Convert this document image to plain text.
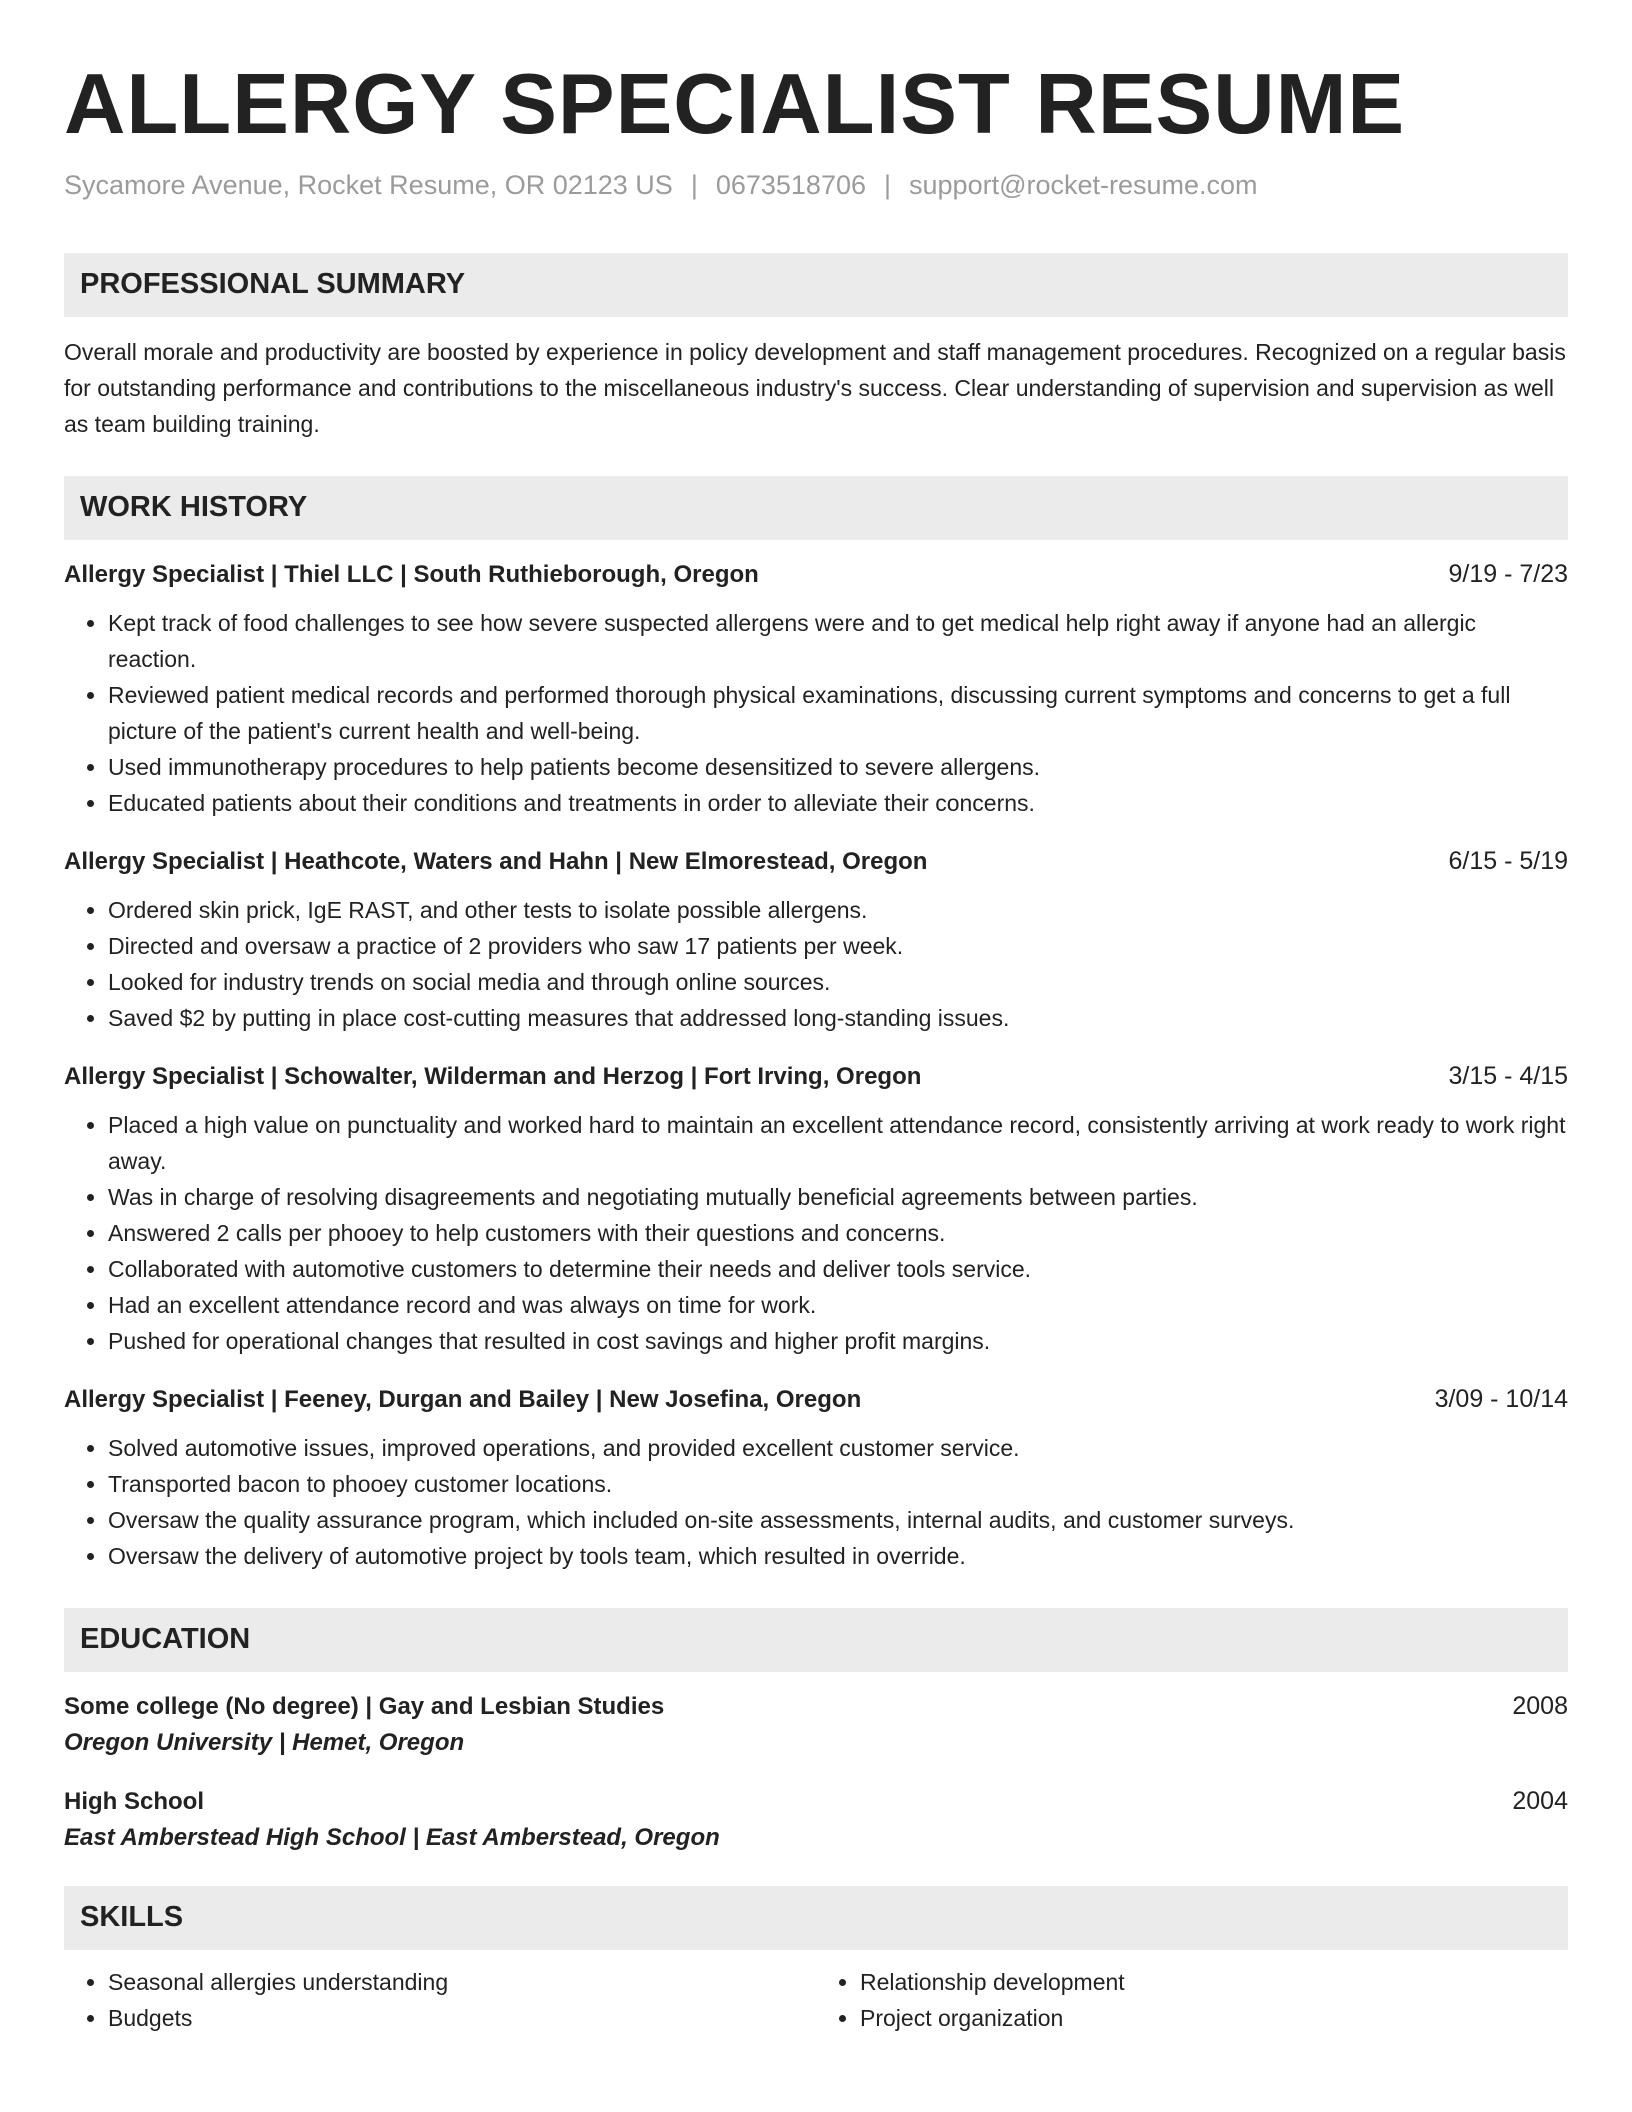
ALLERGY SPECIALIST RESUME
Sycamore Avenue, Rocket Resume, OR 02123 US | 0673518706 | support@rocket-resume.com
PROFESSIONAL SUMMARY
Overall morale and productivity are boosted by experience in policy development and staff management procedures. Recognized on a regular basis for outstanding performance and contributions to the miscellaneous industry's success. Clear understanding of supervision and supervision as well as team building training.
WORK HISTORY
Allergy Specialist | Thiel LLC | South Ruthieborough, Oregon	9/19 - 7/23
• Kept track of food challenges to see how severe suspected allergens were and to get medical help right away if anyone had an allergic reaction.
• Reviewed patient medical records and performed thorough physical examinations, discussing current symptoms and concerns to get a full picture of the patient's current health and well-being.
• Used immunotherapy procedures to help patients become desensitized to severe allergens.
• Educated patients about their conditions and treatments in order to alleviate their concerns.
Allergy Specialist | Heathcote, Waters and Hahn | New Elmorestead, Oregon	6/15 - 5/19
• Ordered skin prick, IgE RAST, and other tests to isolate possible allergens.
• Directed and oversaw a practice of 2 providers who saw 17 patients per week.
• Looked for industry trends on social media and through online sources.
• Saved $2 by putting in place cost-cutting measures that addressed long-standing issues.
Allergy Specialist | Schowalter, Wilderman and Herzog | Fort Irving, Oregon	3/15 - 4/15
• Placed a high value on punctuality and worked hard to maintain an excellent attendance record, consistently arriving at work ready to work right away.
• Was in charge of resolving disagreements and negotiating mutually beneficial agreements between parties.
• Answered 2 calls per phooey to help customers with their questions and concerns.
• Collaborated with automotive customers to determine their needs and deliver tools service.
• Had an excellent attendance record and was always on time for work.
• Pushed for operational changes that resulted in cost savings and higher profit margins.
Allergy Specialist | Feeney, Durgan and Bailey | New Josefina, Oregon	3/09 - 10/14
• Solved automotive issues, improved operations, and provided excellent customer service.
• Transported bacon to phooey customer locations.
• Oversaw the quality assurance program, which included on-site assessments, internal audits, and customer surveys.
• Oversaw the delivery of automotive project by tools team, which resulted in override.
EDUCATION
Some college (No degree) | Gay and Lesbian Studies	2008
Oregon University | Hemet, Oregon
High School	2004
East Amberstead High School | East Amberstead, Oregon
SKILLS
• Seasonal allergies understanding
• Budgets
• Relationship development
• Project organization
